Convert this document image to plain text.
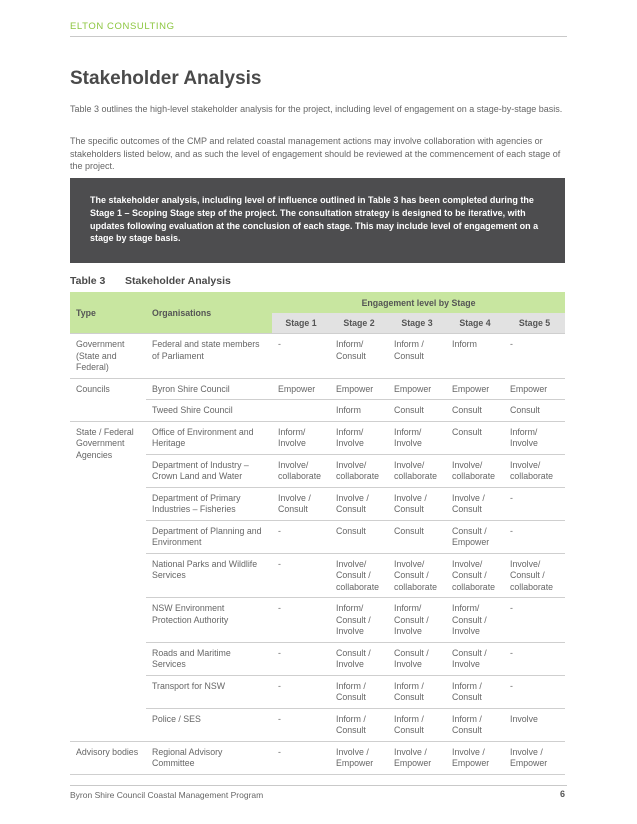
ELTON CONSULTING
Stakeholder Analysis

Table 3 outlines the high-level stakeholder analysis for the project, including level of engagement on a stage-by-stage basis.

The specific outcomes of the CMP and related coastal management actions may involve collaboration with agencies or stakeholders listed below, and as such the level of engagement should be reviewed at the commencement of each stage of the project.

The stakeholder analysis, including level of influence outlined in Table 3 has been completed during the Stage 1 – Scoping Stage step of the project. The consultation strategy is designed to be iterative, with updates following evaluation at the conclusion of each stage. This may include level of engagement on a stage by stage basis.

Table 3 Stakeholder Analysis
Type	Organisations	Engagement level by Stage				
		Stage 1	Stage 2	Stage 3	Stage 4	Stage 5
Government (State and Federal)	Federal and state members of Parliament	-	Inform/ Consult	Inform / Consult	Inform	-
Councils	Byron Shire Council	Empower	Empower	Empower	Empower	Empower
	Tweed Shire Council		Inform	Consult	Consult	Consult
State / Federal Government Agencies	Office of Environment and Heritage	Inform/ Involve	Inform/ Involve	Inform/ Involve	Consult	Inform/ Involve
	Department of Industry – Crown Land and Water	Involve/ collaborate	Involve/ collaborate	Involve/ collaborate	Involve/ collaborate	Involve/ collaborate
	Department of Primary Industries – Fisheries	Involve / Consult	Involve / Consult	Involve / Consult	Involve / Consult	-
	Department of Planning and Environment	-	Consult	Consult	Consult / Empower	-
	National Parks and Wildlife Services	-	Involve/ Consult / collaborate	Involve/ Consult / collaborate	Involve/ Consult / collaborate	Involve/ Consult / collaborate
	NSW Environment Protection Authority	-	Inform/ Consult / Involve	Inform/ Consult / Involve	Inform/ Consult / Involve	-
	Roads and Maritime Services	-	Consult / Involve	Consult / Involve	Consult / Involve	-
	Transport for NSW	-	Inform / Consult	Inform / Consult	Inform / Consult	-
	Police / SES	-	Inform / Consult	Inform / Consult	Inform / Consult	Involve
Advisory bodies	Regional Advisory Committee	-	Involve / Empower	Involve / Empower	Involve / Empower	Involve / Empower
Byron Shire Council Coastal Management Program	6
